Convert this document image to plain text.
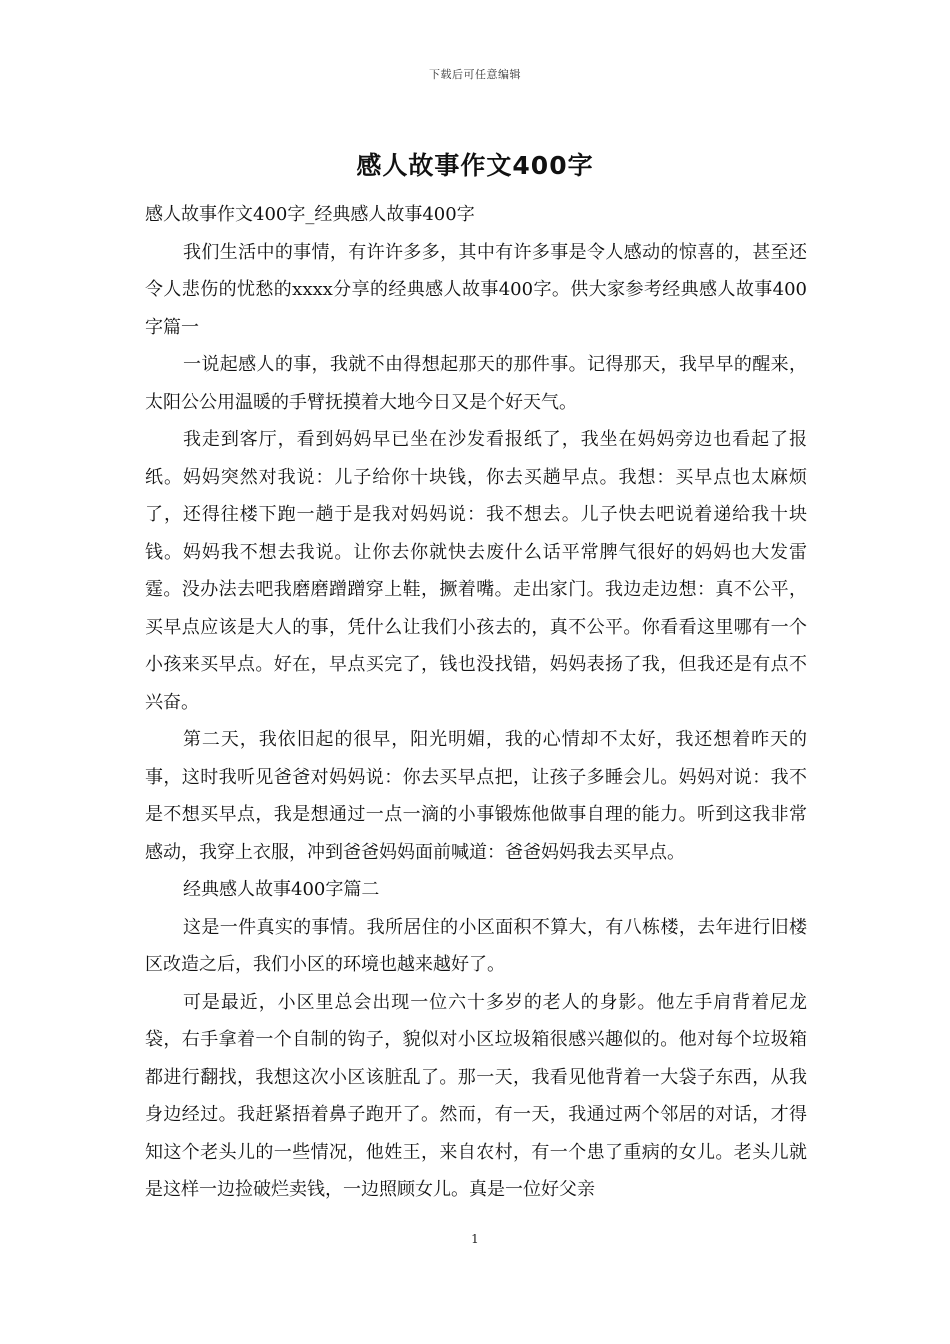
下载后可任意编辑
感人故事作文400字

感人故事作文400字_经典感人故事400字

我们生活中的事情，有许许多多，其中有许多事是令人感动的惊喜的，甚至还令人悲伤的忧愁的xxxx分享的经典感人故事400字。供大家参考经典感人故事400字篇一

一说起感人的事，我就不由得想起那天的那件事。记得那天，我早早的醒来，太阳公公用温暖的手臂抚摸着大地今日又是个好天气。

我走到客厅，看到妈妈早已坐在沙发看报纸了，我坐在妈妈旁边也看起了报纸。妈妈突然对我说：儿子给你十块钱，你去买趟早点。我想：买早点也太麻烦了，还得往楼下跑一趟于是我对妈妈说：我不想去。儿子快去吧说着递给我十块钱。妈妈我不想去我说。让你去你就快去废什么话平常脾气很好的妈妈也大发雷霆。没办法去吧我磨磨蹭蹭穿上鞋，撅着嘴。走出家门。我边走边想：真不公平，买早点应该是大人的事，凭什么让我们小孩去的，真不公平。你看看这里哪有一个小孩来买早点。好在，早点买完了，钱也没找错，妈妈表扬了我，但我还是有点不兴奋。

第二天，我依旧起的很早，阳光明媚，我的心情却不太好，我还想着昨天的事，这时我听见爸爸对妈妈说：你去买早点把，让孩子多睡会儿。妈妈对说：我不是不想买早点，我是想通过一点一滴的小事锻炼他做事自理的能力。听到这我非常感动，我穿上衣服，冲到爸爸妈妈面前喊道：爸爸妈妈我去买早点。

经典感人故事400字篇二

这是一件真实的事情。我所居住的小区面积不算大，有八栋楼，去年进行旧楼区改造之后，我们小区的环境也越来越好了。

可是最近，小区里总会出现一位六十多岁的老人的身影。他左手肩背着尼龙袋，右手拿着一个自制的钩子，貌似对小区垃圾箱很感兴趣似的。他对每个垃圾箱都进行翻找，我想这次小区该脏乱了。那一天，我看见他背着一大袋子东西，从我身边经过。我赶紧捂着鼻子跑开了。然而，有一天，我通过两个邻居的对话，才得知这个老头儿的一些情况，他姓王，来自农村，有一个患了重病的女儿。老头儿就是这样一边捡破烂卖钱，一边照顾女儿。真是一位好父亲

1
